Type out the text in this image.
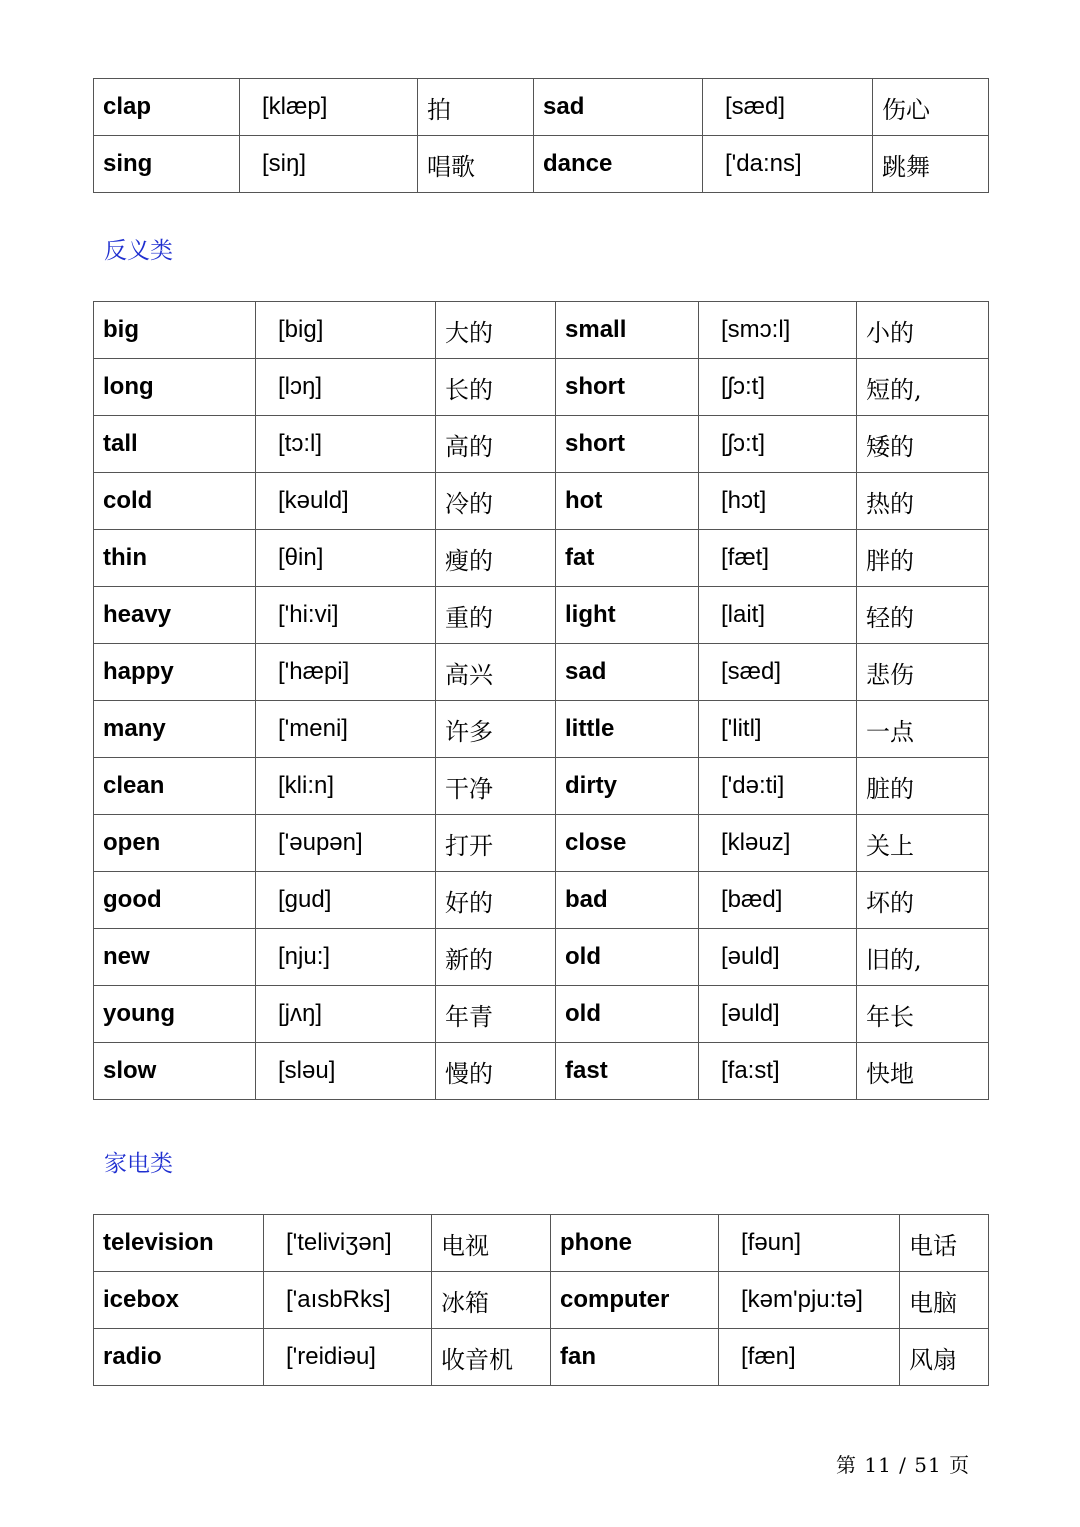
clap	[klæp]	拍	sad	[sæd]	伤心
sing	[siŋ]	唱歌	dance	['da:ns]	跳舞
反义类
big	[big]	大的	small	[smɔ:l]	小的
long	[lɔŋ]	长的	short	[ʃɔ:t]	短的,
tall	[tɔ:l]	高的	short	[ʃɔ:t]	矮的
cold	[kəuld]	冷的	hot	[hɔt]	热的
thin	[θin]	瘦的	fat	[fæt]	胖的
heavy	['hi:vi]	重的	light	[lait]	轻的
happy	['hæpi]	高兴	sad	[sæd]	悲伤
many	['meni]	许多	little	['litl]	一点
clean	[kli:n]	干净	dirty	['də:ti]	脏的
open	['əupən]	打开	close	[kləuz]	关上
good	[gud]	好的	bad	[bæd]	坏的
new	[nju:]	新的	old	[əuld]	旧的,
young	[jʌŋ]	年青	old	[əuld]	年长
slow	[sləu]	慢的	fast	[fa:st]	快地
家电类
television	['teliviʒən]	电视	phone	[fəun]	电话
icebox	['aısbRks]	冰箱	computer	[kəm'pju:tə]	电脑
radio	['reidiəu]	收音机	fan	[fæn]	风扇
第 11 / 51 页
